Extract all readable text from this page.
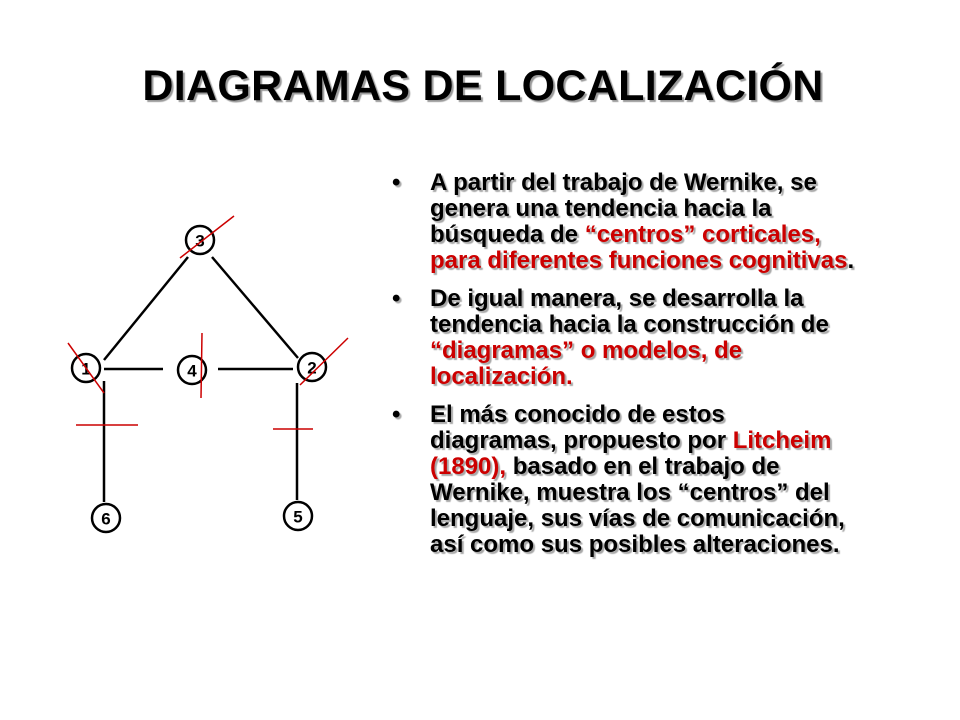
DIAGRAMAS DE LOCALIZACIÓN
3
1	4	2
6	5
• A partir del trabajo de Wernike, se
genera una tendencia hacia la
búsqueda de “centros” corticales,
para diferentes funciones cognitivas.
• De igual manera, se desarrolla la
tendencia hacia la construcción de
“diagramas” o modelos, de
localización.
• El más conocido de estos
diagramas, propuesto por Litcheim
(1890), basado en el trabajo de
Wernike, muestra los “centros” del
lenguaje, sus vías de comunicación,
así como sus posibles alteraciones.
